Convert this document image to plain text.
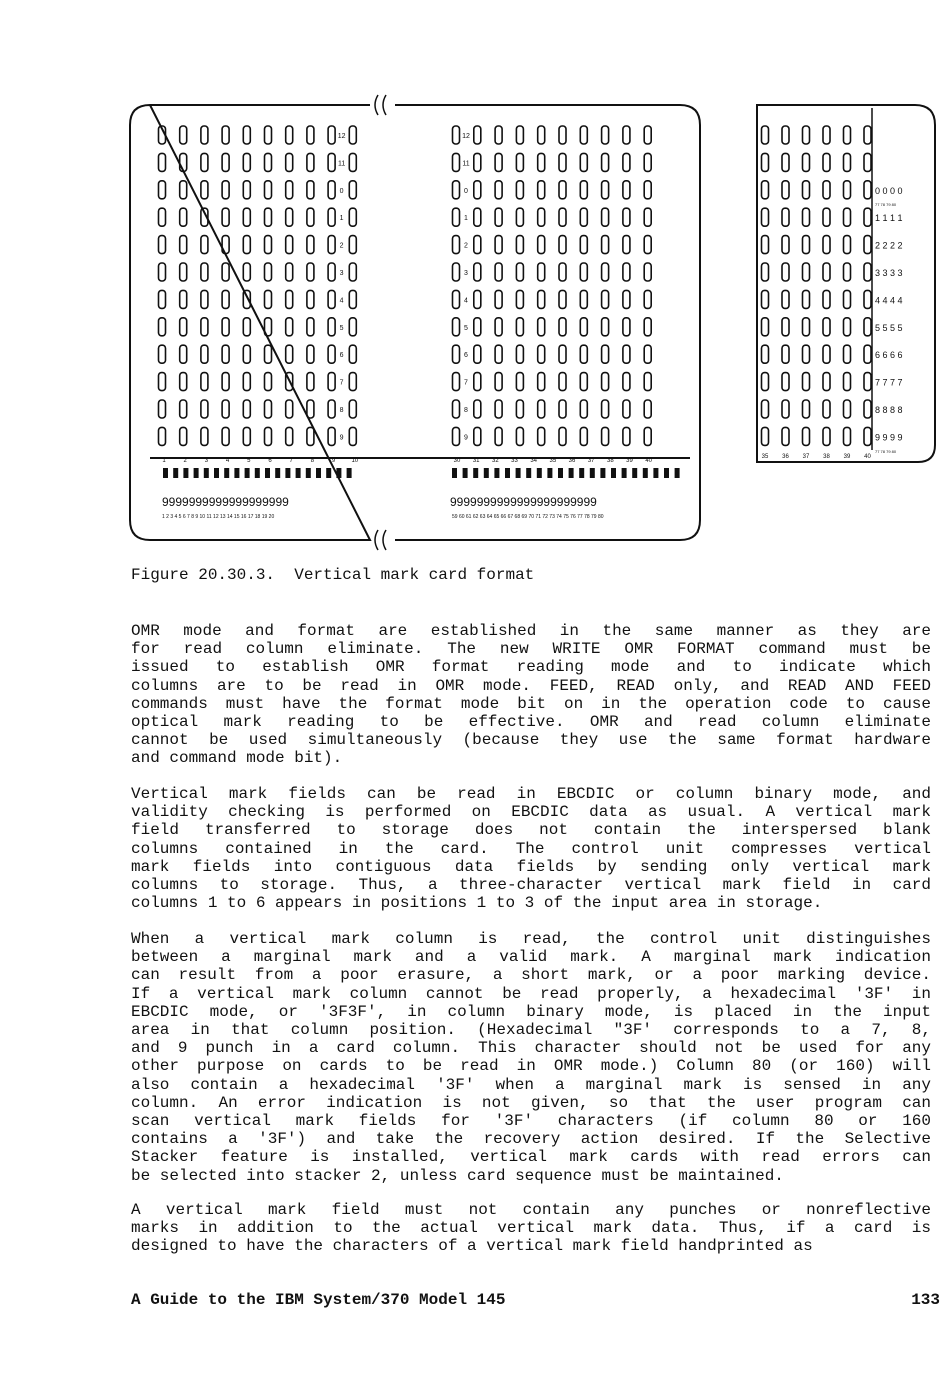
12
11
0
1
2
3
4
5
6
7
8
9
1	2	3	4	5	6	7	8	9	10
12
11
0
1
2
3
4
5
6
7
8
9
30 31 32 33 34 35 36 37 38 39 40
9999999999999999999	9999999999999999999999
1 2 3 4 5 6 7 8 9 10 11 12 13 14 15 16 17 18 19 20	59 60 61 62 63 64 65 66 67 68 69 70 71 72 73 74 75 76 77 78 79 80
0 0 0 0
1 1 1 1
2 2 2 2
3 3 3 3
4 4 4 4
5 5 5 5
6 6 6 6
7 7 7 7
8 8 8 8
9 9 9 9
77 78 79 80
77 78 79 80
35 36 37 38 39 40
Figure 20.30.3.  Vertical mark card format
OMR mode and format are established in the same manner as they are
for read column eliminate. The new WRITE OMR FORMAT command must be
issued to establish OMR format reading mode and to indicate which
columns are to be read in OMR mode. FEED, READ only, and READ AND FEED
commands must have the format mode bit on in the operation code to cause
optical mark reading to be effective. OMR and read column eliminate
cannot be used simultaneously (because they use the same format hardware
and command mode bit).
Vertical mark fields can be read in EBCDIC or column binary mode, and
validity checking is performed on EBCDIC data as usual. A vertical mark
field transferred to storage does not contain the interspersed blank
columns contained in the card. The control unit compresses vertical
mark fields into contiguous data fields by sending only vertical mark
columns to storage. Thus, a three-character vertical mark field in card
columns 1 to 6 appears in positions 1 to 3 of the input area in storage.
When a vertical mark column is read, the control unit distinguishes
between a marginal mark and a valid mark. A marginal mark indication
can result from a poor erasure, a short mark, or a poor marking device.
If a vertical mark column cannot be read properly, a hexadecimal '3F' in
EBCDIC mode, or '3F3F', in column binary mode, is placed in the input
area in that column position. (Hexadecimal "3F' corresponds to a 7, 8,
and 9 punch in a card column. This character should not be used for any
other purpose on cards to be read in OMR mode.) Column 80 (or 160) will
also contain a hexadecimal '3F' when a marginal mark is sensed in any
column. An error indication is not given, so that the user program can
scan vertical mark fields for '3F' characters (if column 80 or 160
contains a '3F') and take the recovery action desired. If the Selective
Stacker feature is installed, vertical mark cards with read errors can
be selected into stacker 2, unless card sequence must be maintained.
A vertical mark field must not contain any punches or nonreflective
marks in addition to the actual vertical mark data. Thus, if a card is
designed to have the characters of a vertical mark field handprinted as
A Guide to the IBM System/370 Model 145	133
